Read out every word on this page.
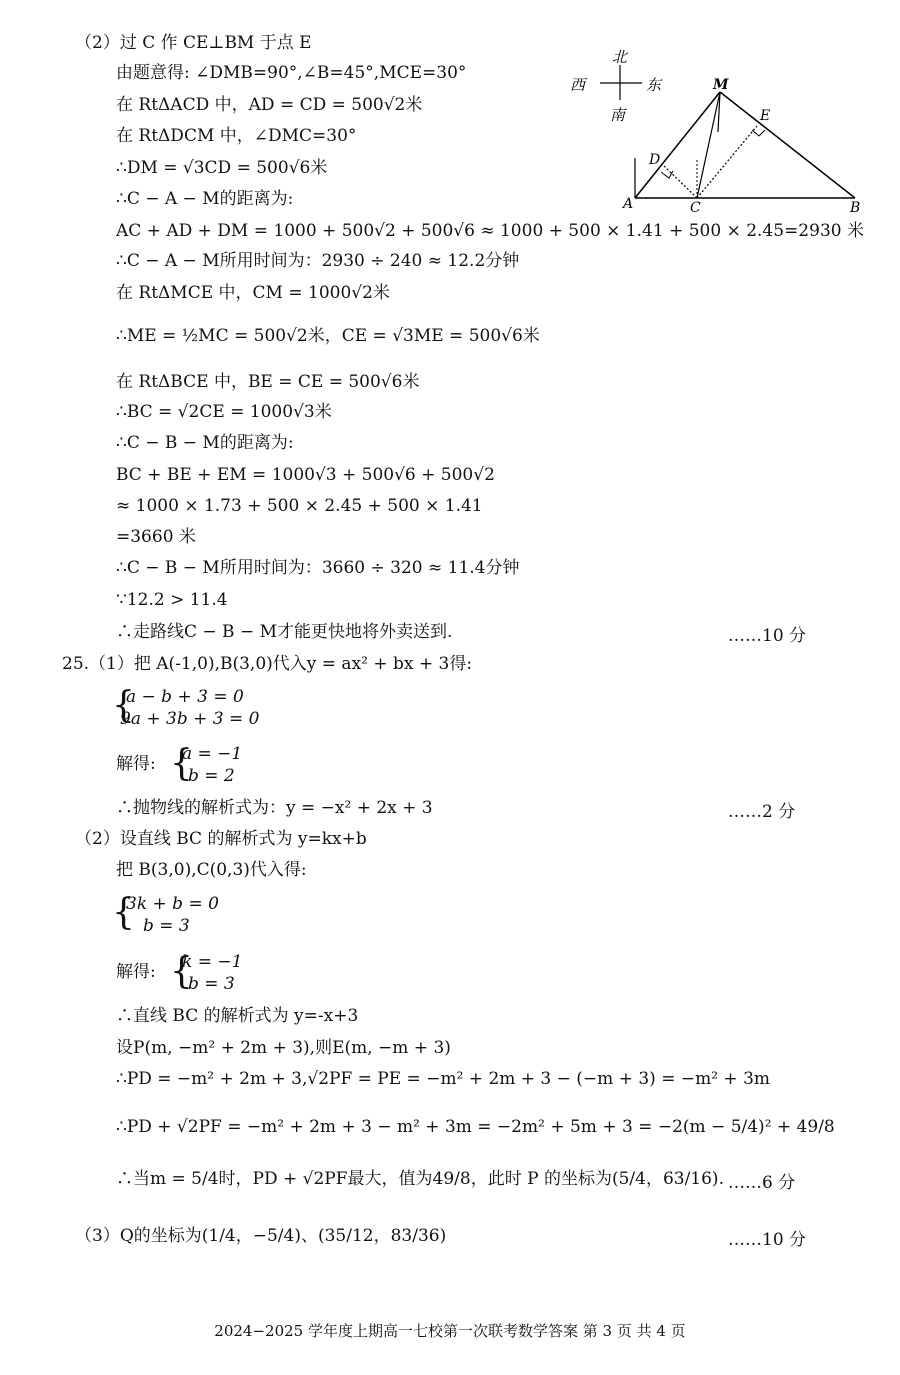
（2）过 C 作 CE⊥BM 于点 E
由题意得: ∠DMB=90°,∠B=45°,MCE=30°
在 RtΔACD 中，AD = CD = 500√2米
在 RtΔDCM 中，∠DMC=30°
∴DM = √3CD = 500√6米
∴C − A − M的距离为:
AC + AD + DM = 1000 + 500√2 + 500√6 ≈ 1000 + 500 × 1.41 + 500 × 2.45=2930 米
∴C − A − M所用时间为：2930 ÷ 240 ≈ 12.2分钟
在 RtΔMCE 中，CM = 1000√2米
∴ME = ½MC = 500√2米，CE = √3ME = 500√6米
在 RtΔBCE 中，BE = CE = 500√6米
∴BC = √2CE = 1000√3米
∴C − B − M的距离为:
BC + BE + EM = 1000√3 + 500√6 + 500√2
≈ 1000 × 1.73 + 500 × 2.45 + 500 × 1.41
=3660 米
∴C − B − M所用时间为：3660 ÷ 320 ≈ 11.4分钟
∵12.2 > 11.4
∴走路线C − B − M才能更快地将外卖送到.	……10 分
北
西	东
南
M
E
D
A	C	B
25.（1）把 A(-1,0),B(3,0)代入y = ax² + bx + 3得:
{
a − b + 3 = 0
9a + 3b + 3 = 0
解得: {
a = −1
b = 2
∴抛物线的解析式为：y = −x² + 2x + 3	……2 分
（2）设直线 BC 的解析式为 y=kx+b
把 B(3,0),C(0,3)代入得:
{
3k + b = 0
b = 3
解得: {
k = −1
b = 3
∴直线 BC 的解析式为 y=-x+3
设P(m, −m² + 2m + 3),则E(m, −m + 3)
∴PD = −m² + 2m + 3,√2PF = PE = −m² + 2m + 3 − (−m + 3) = −m² + 3m
∴PD + √2PF = −m² + 2m + 3 − m² + 3m = −2m² + 5m + 3 = −2(m − 5/4)² + 49/8
∴当m = 5/4时，PD + √2PF最大，值为49/8，此时 P 的坐标为(5/4，63/16). ……6 分
（3）Q的坐标为(1/4，−5/4)、(35/12，83/36)	……10 分
2024−2025 学年度上期高一七校第一次联考数学答案 第 3 页 共 4 页
